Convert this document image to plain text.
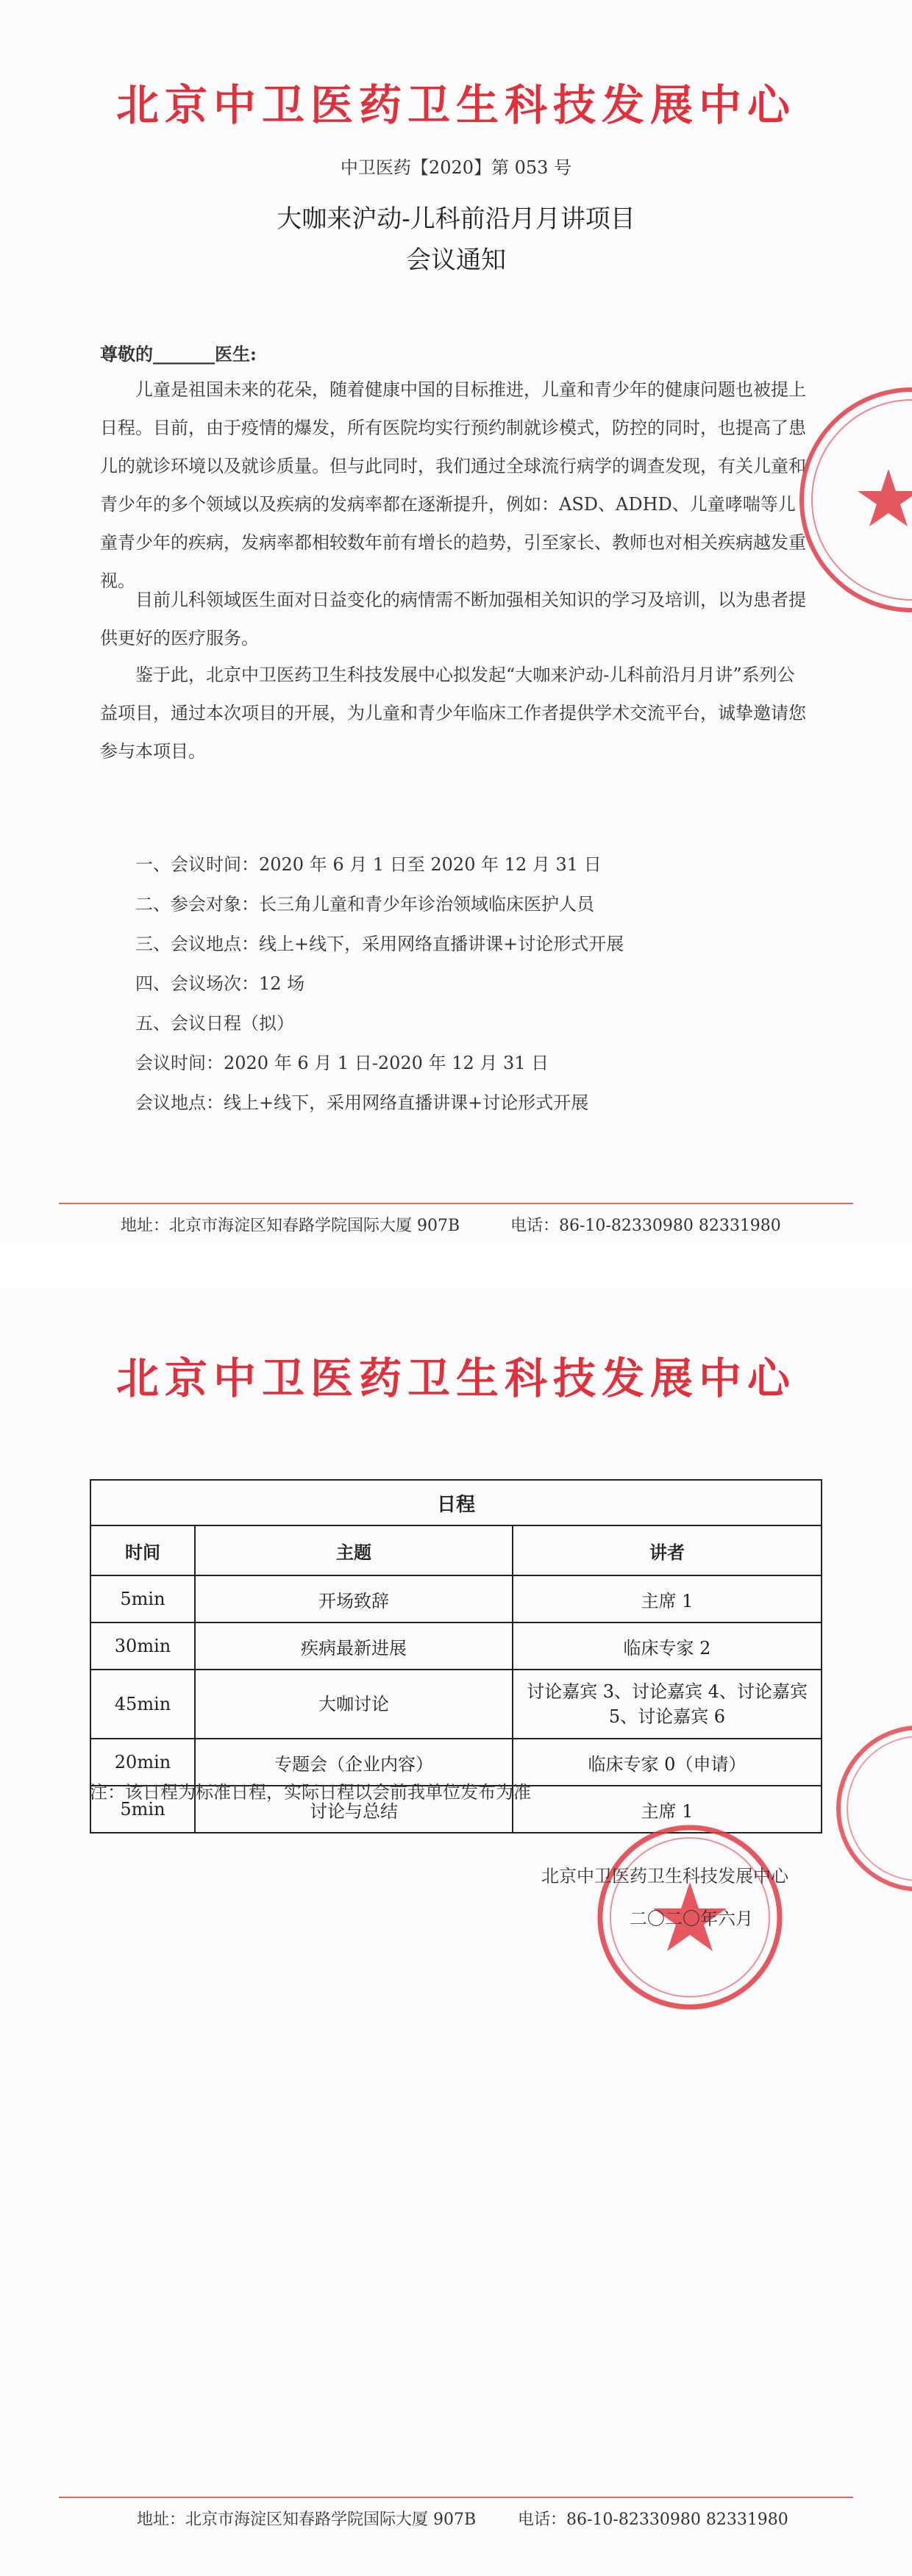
北京中卫医药卫生科技发展中心
中卫医药【2020】第 053 号
大咖来沪动-儿科前沿月月讲项目
会议通知
尊敬的_______医生:

儿童是祖国未来的花朵，随着健康中国的目标推进，儿童和青少年的健康问题也被提上日程。目前，由于疫情的爆发，所有医院均实行预约制就诊模式，防控的同时，也提高了患儿的就诊环境以及就诊质量。但与此同时，我们通过全球流行病学的调查发现，有关儿童和青少年的多个领域以及疾病的发病率都在逐渐提升，例如：ASD、ADHD、儿童哮喘等儿童青少年的疾病，发病率都相较数年前有增长的趋势，引至家长、教师也对相关疾病越发重视。

目前儿科领域医生面对日益变化的病情需不断加强相关知识的学习及培训，以为患者提供更好的医疗服务。

鉴于此，北京中卫医药卫生科技发展中心拟发起“大咖来沪动-儿科前沿月月讲”系列公益项目，通过本次项目的开展，为儿童和青少年临床工作者提供学术交流平台，诚挚邀请您参与本项目。

一、会议时间：2020 年 6 月 1 日至 2020 年 12 月 31 日

二、参会对象：长三角儿童和青少年诊治领域临床医护人员

三、会议地点：线上+线下，采用网络直播讲课+讨论形式开展

四、会议场次：12 场

五、会议日程（拟）

会议时间：2020 年 6 月 1 日-2020 年 12 月 31 日

会议地点：线上+线下，采用网络直播讲课+讨论形式开展

地址：北京市海淀区知春路学院国际大厦 907B	电话：86-10-82330980 82331980
北京中卫医药卫生科技发展中心
日程		
时间	主题	讲者
5min	开场致辞	主席 1
30min	疾病最新进展	临床专家 2
45min	大咖讨论	讨论嘉宾 3、讨论嘉宾 4、讨论嘉宾 5、讨论嘉宾 6
20min	专题会（企业内容）	临床专家 0（申请）
5min	讨论与总结	主席 1
注：该日程为标准日程，实际日程以会前我单位发布为准
北京中卫医药卫生科技发展中心
二〇二〇年六月
地址：北京市海淀区知春路学院国际大厦 907B	电话：86-10-82330980 82331980
